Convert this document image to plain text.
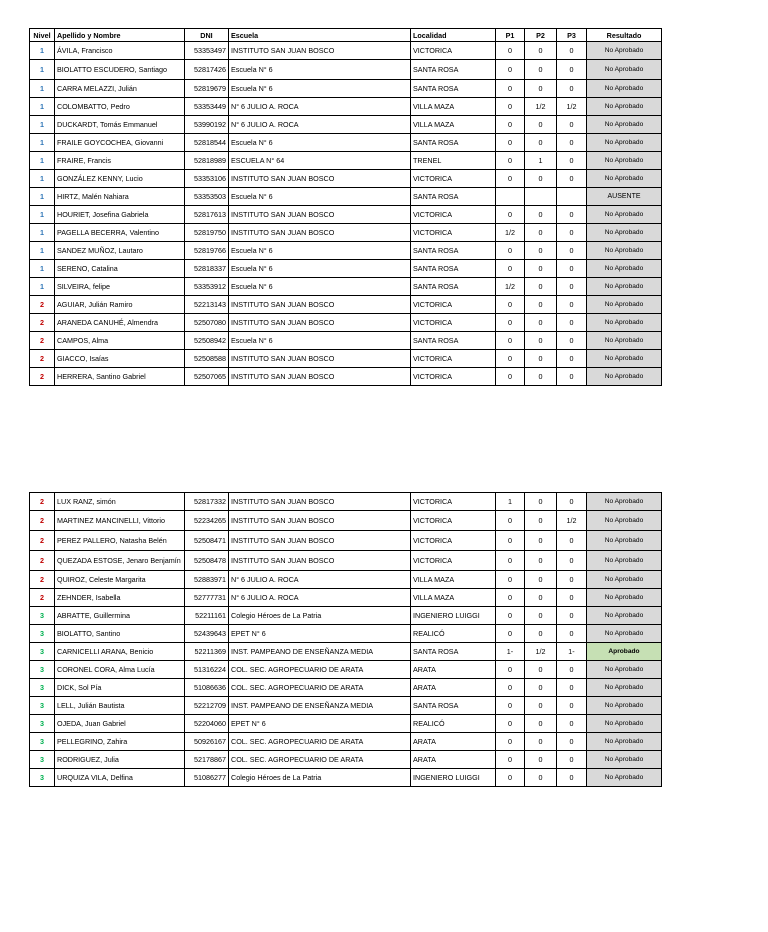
Nivel	Apellido y Nombre	DNI	Escuela	Localidad	P1	P2	P3	Resultado
1	ÁVILA, Francisco	53353497	INSTITUTO SAN JUAN BOSCO	VICTORICA	0	0	0	No Aprobado
1	BIOLATTO ESCUDERO, Santiago	52817426	Escuela N° 6	SANTA ROSA	0	0	0	No Aprobado
1	CARRA MELAZZI, Julián	52819679	Escuela N° 6	SANTA ROSA	0	0	0	No Aprobado
1	COLOMBATTO, Pedro	53353449	N° 6 JULIO A. ROCA	VILLA MAZA	0	1/2	1/2	No Aprobado
1	DUCKARDT, Tomás Emmanuel	53990192	N° 6 JULIO A. ROCA	VILLA MAZA	0	0	0	No Aprobado
1	FRAILE GOYCOCHEA, Giovanni	52818544	Escuela N° 6	SANTA ROSA	0	0	0	No Aprobado
1	FRAIRE, Francis	52818989	ESCUELA N° 64	TRENEL	0	1	0	No Aprobado
1	GONZÁLEZ KENNY, Lucio	53353106	INSTITUTO SAN JUAN BOSCO	VICTORICA	0	0	0	No Aprobado
1	HIRTZ, Malén Nahiara	53353503	Escuela N° 6	SANTA ROSA				AUSENTE
1	HOURIET, Josefina Gabriela	52817613	INSTITUTO SAN JUAN BOSCO	VICTORICA	0	0	0	No Aprobado
1	PAGELLA BECERRA, Valentino	52819750	INSTITUTO SAN JUAN BOSCO	VICTORICA	1/2	0	0	No Aprobado
1	SANDEZ MUÑOZ, Lautaro	52819766	Escuela N° 6	SANTA ROSA	0	0	0	No Aprobado
1	SERENO, Catalina	52818337	Escuela N° 6	SANTA ROSA	0	0	0	No Aprobado
1	SILVEIRA, felipe	53353912	Escuela N° 6	SANTA ROSA	1/2	0	0	No Aprobado
2	AGUIAR, Julián Ramiro	52213143	INSTITUTO SAN JUAN BOSCO	VICTORICA	0	0	0	No Aprobado
2	ARANEDA CANUHÉ, Almendra	52507080	INSTITUTO SAN JUAN BOSCO	VICTORICA	0	0	0	No Aprobado
2	CAMPOS, Alma	52508942	Escuela N° 6	SANTA ROSA	0	0	0	No Aprobado
2	GIACCO, Isaías	52508588	INSTITUTO SAN JUAN BOSCO	VICTORICA	0	0	0	No Aprobado
2	HERRERA, Santino Gabriel	52507065	INSTITUTO SAN JUAN BOSCO	VICTORICA	0	0	0	No Aprobado
2	LUX RANZ, simón	52817332	INSTITUTO SAN JUAN BOSCO	VICTORICA	1	0	0	No Aprobado
2	MARTINEZ MANCINELLI, Vittorio	52234265	INSTITUTO SAN JUAN BOSCO	VICTORICA	0	0	1/2	No Aprobado
2	PEREZ PALLERO, Natasha Belén	52508471	INSTITUTO SAN JUAN BOSCO	VICTORICA	0	0	0	No Aprobado
2	QUEZADA ESTOSE, Jenaro Benjamín	52508478	INSTITUTO SAN JUAN BOSCO	VICTORICA	0	0	0	No Aprobado
2	QUIROZ, Celeste Margarita	52883971	N° 6 JULIO A. ROCA	VILLA MAZA	0	0	0	No Aprobado
2	ZEHNDER, Isabella	52777731	N° 6 JULIO A. ROCA	VILLA MAZA	0	0	0	No Aprobado
3	ABRATTE, Guillermina	52211161	Colegio Héroes de La Patria	INGENIERO LUIGGI	0	0	0	No Aprobado
3	BIOLATTO, Santino	52439643	EPET N° 6	REALICÓ	0	0	0	No Aprobado
3	CARNICELLI ARANA, Benicio	52211369	INST. PAMPEANO DE ENSEÑANZA MEDIA	SANTA ROSA	1-	1/2	1-	Aprobado
3	CORONEL CORA, Alma Lucía	51316224	COL. SEC. AGROPECUARIO DE ARATA	ARATA	0	0	0	No Aprobado
3	DICK, Sol Pía	51086636	COL. SEC. AGROPECUARIO DE ARATA	ARATA	0	0	0	No Aprobado
3	LELL, Julián Bautista	52212709	INST. PAMPEANO DE ENSEÑANZA MEDIA	SANTA ROSA	0	0	0	No Aprobado
3	OJEDA, Juan Gabriel	52204060	EPET N° 6	REALICÓ	0	0	0	No Aprobado
3	PELLEGRINO, Zahira	50926167	COL. SEC. AGROPECUARIO DE ARATA	ARATA	0	0	0	No Aprobado
3	RODRIGUEZ, Julia	52178867	COL. SEC. AGROPECUARIO DE ARATA	ARATA	0	0	0	No Aprobado
3	URQUIZA VILA, Delfina	51086277	Colegio Héroes de La Patria	INGENIERO LUIGGI	0	0	0	No Aprobado
